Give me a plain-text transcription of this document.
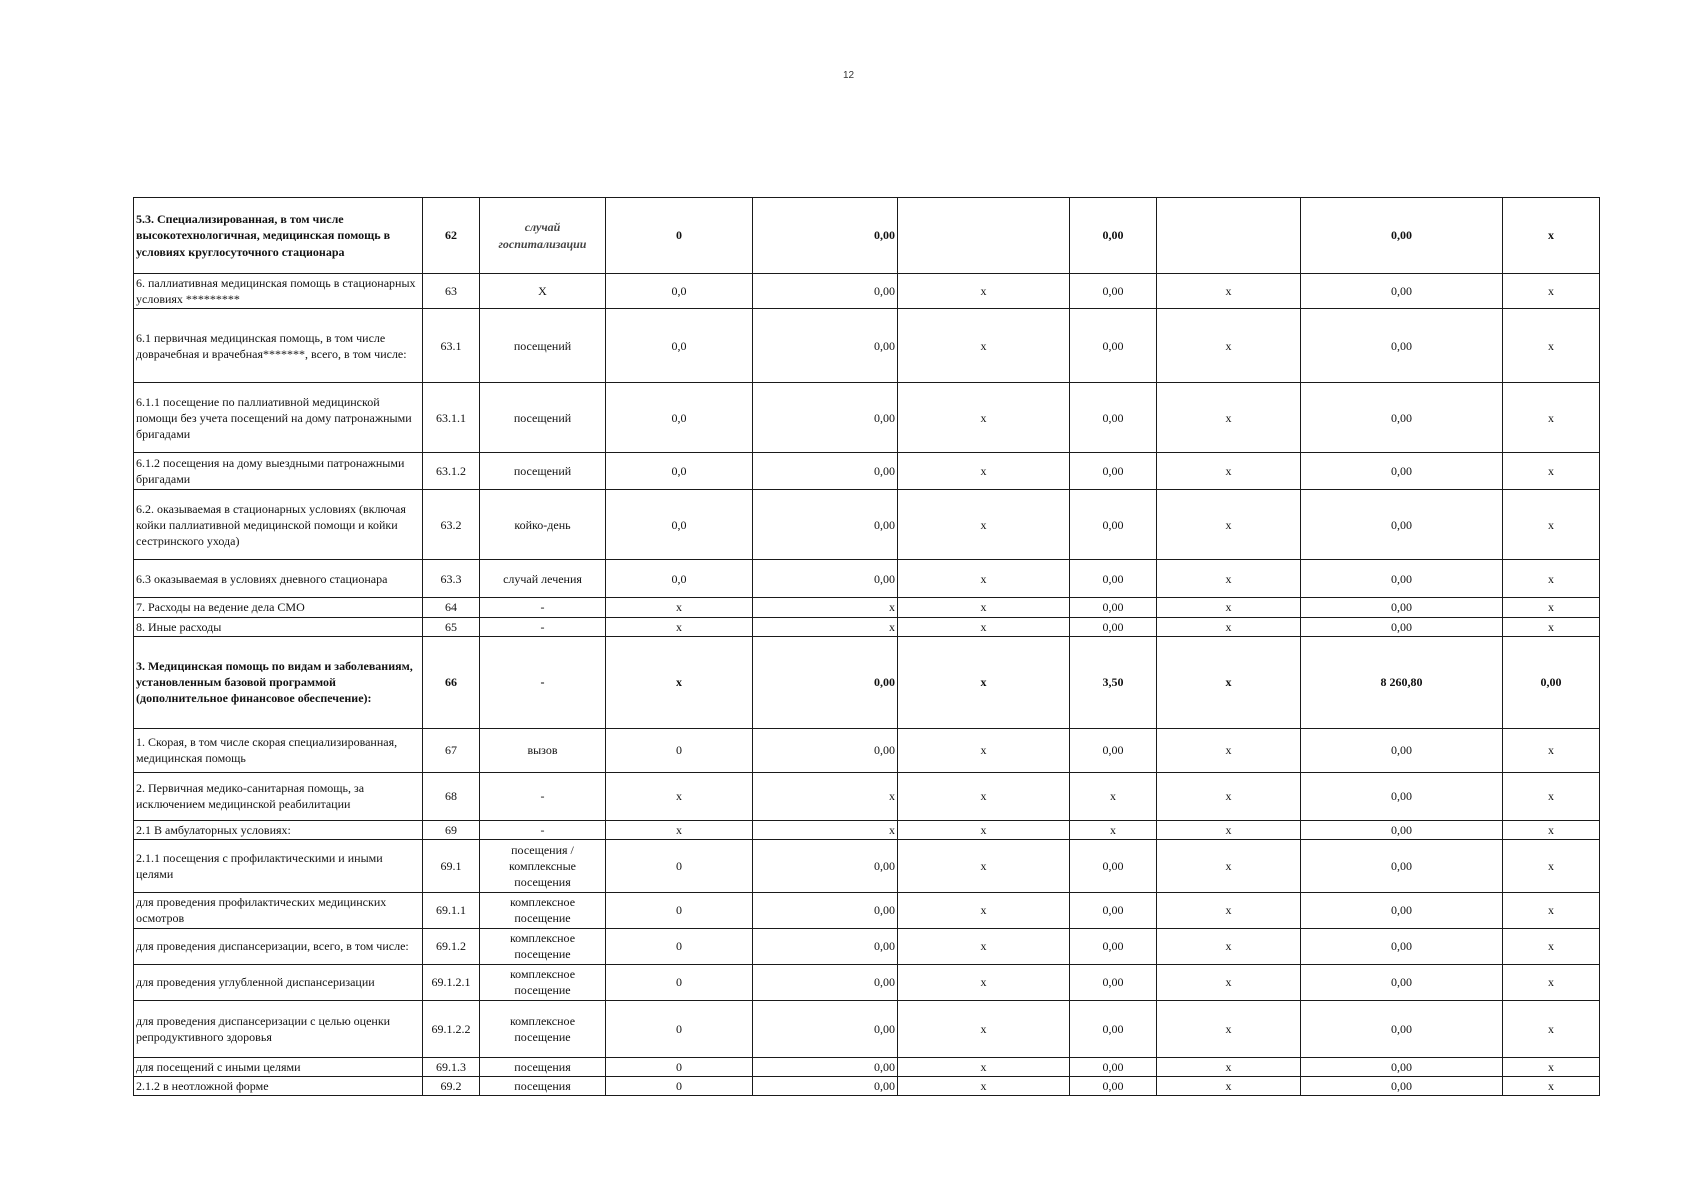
12
5.3. Специализированная, в том числе высокотехнологичная, медицинская помощь в условиях круглосуточного стационара	62	случай госпитализации	0	0,00		0,00		0,00	x
6. паллиативная медицинская помощь в стационарных условиях *********	63	X	0,0	0,00	x	0,00	x	0,00	x
6.1 первичная медицинская помощь, в том числе доврачебная и врачебная*******, всего, в том числе:	63.1	посещений	0,0	0,00	x	0,00	x	0,00	x
6.1.1 посещение по паллиативной медицинской помощи без учета посещений на дому патронажными бригадами	63.1.1	посещений	0,0	0,00	x	0,00	x	0,00	x
6.1.2 посещения на дому выездными патронажными бригадами	63.1.2	посещений	0,0	0,00	x	0,00	x	0,00	x
6.2. оказываемая в стационарных условиях (включая койки паллиативной медицинской помощи и койки сестринского ухода)	63.2	койко-день	0,0	0,00	x	0,00	x	0,00	x
6.3 оказываемая в условиях дневного стационара	63.3	случай лечения	0,0	0,00	x	0,00	x	0,00	x
7. Расходы на ведение дела СМО	64	-	x	x	x	0,00	x	0,00	x
8. Иные расходы	65	-	x	x	x	0,00	x	0,00	x
3. Медицинская помощь по видам и заболеваниям, установленным базовой программой (дополнительное финансовое обеспечение):	66	-	x	0,00	x	3,50	x	8 260,80	0,00
1. Скорая, в том числе скорая специализированная, медицинская помощь	67	вызов	0	0,00	x	0,00	x	0,00	x
2. Первичная медико-санитарная помощь, за исключением медицинской реабилитации	68	-	x	x	x	x	x	0,00	x
2.1 В амбулаторных условиях:	69	-	x	x	x	x	x	0,00	x
2.1.1 посещения с профилактическими и иными целями	69.1	посещения / комплексные посещения	0	0,00	x	0,00	x	0,00	x
для проведения профилактических медицинских осмотров	69.1.1	комплексное посещение	0	0,00	x	0,00	x	0,00	x
для проведения диспансеризации, всего, в том числе:	69.1.2	комплексное посещение	0	0,00	x	0,00	x	0,00	x
для проведения углубленной диспансеризации	69.1.2.1	комплексное посещение	0	0,00	x	0,00	x	0,00	x
для проведения диспансеризации с целью оценки репродуктивного здоровья	69.1.2.2	комплексное посещение	0	0,00	x	0,00	x	0,00	x
для посещений с иными целями	69.1.3	посещения	0	0,00	x	0,00	x	0,00	x
2.1.2 в неотложной форме	69.2	посещения	0	0,00	x	0,00	x	0,00	x
